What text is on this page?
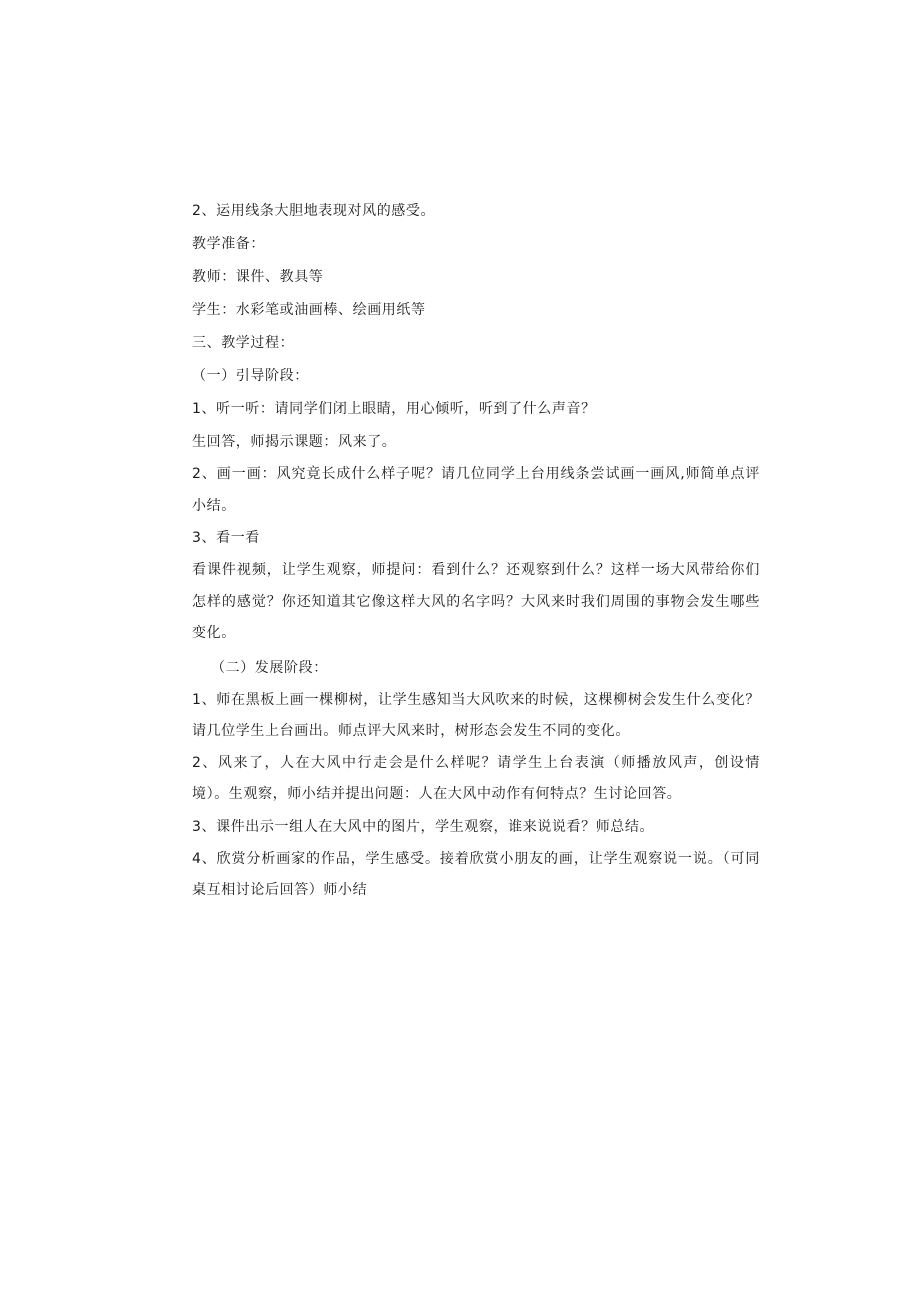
2、运用线条大胆地表现对风的感受。
教学准备：
教师：课件、教具等
学生：水彩笔或油画棒、绘画用纸等
三、教学过程：
（一）引导阶段：
1、听一听：请同学们闭上眼睛，用心倾听，听到了什么声音？
生回答，师揭示课题：风来了。

2、画一画：风究竟长成什么样子呢？请几位同学上台用线条尝试画一画风,师简单点评小结。

3、看一看

看课件视频，让学生观察，师提问：看到什么？还观察到什么？这样一场大风带给你们怎样的感觉？你还知道其它像这样大风的名字吗？大风来时我们周围的事物会发生哪些变化。

（二）发展阶段：

1、师在黑板上画一棵柳树，让学生感知当大风吹来的时候，这棵柳树会发生什么变化？请几位学生上台画出。师点评大风来时，树形态会发生不同的变化。

2、风来了，人在大风中行走会是什么样呢？请学生上台表演（师播放风声，创设情境）。生观察，师小结并提出问题：人在大风中动作有何特点？生讨论回答。

3、课件出示一组人在大风中的图片，学生观察，谁来说说看？师总结。

4、欣赏分析画家的作品，学生感受。接着欣赏小朋友的画，让学生观察说一说。（可同桌互相讨论后回答）师小结
